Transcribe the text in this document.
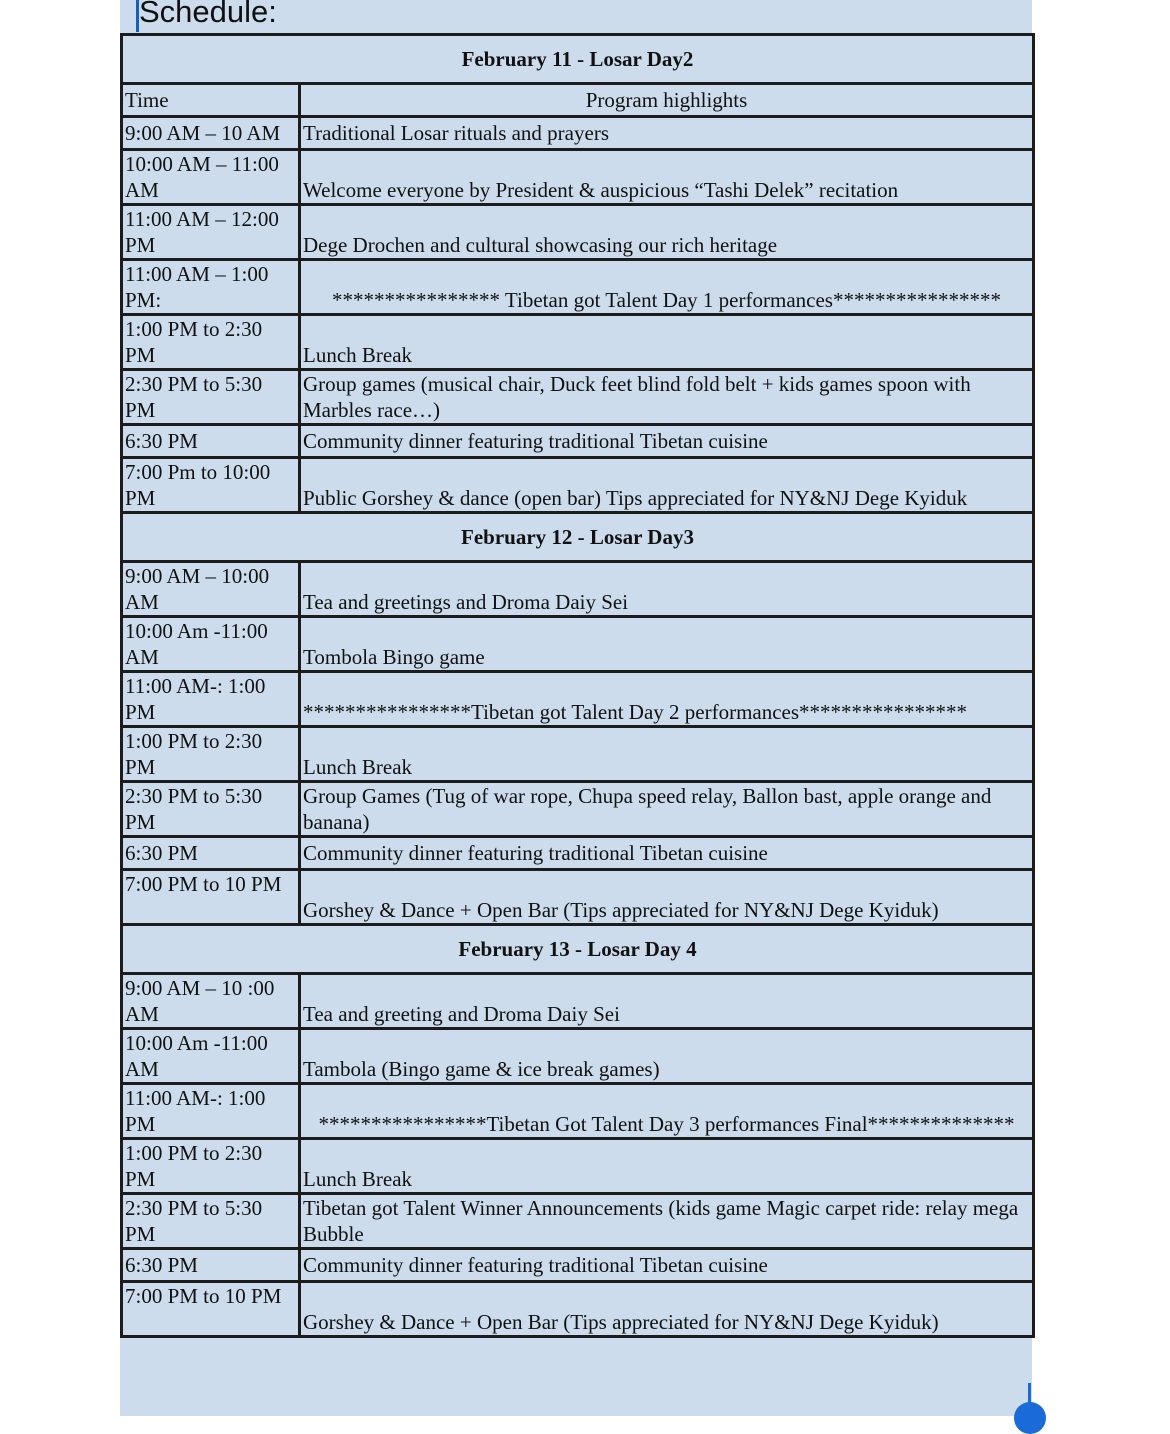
Schedule:
February 11 - Losar Day2	
Time	Program highlights
9:00 AM – 10 AM	Traditional Losar rituals and prayers
10:00 AM – 11:00 AM	Welcome everyone by President & auspicious “Tashi Delek” recitation
11:00 AM – 12:00 PM	Dege Drochen and cultural showcasing our rich heritage
11:00 AM – 1:00 PM:	**************** Tibetan got Talent Day 1 performances****************
1:00 PM to 2:30 PM	Lunch Break
2:30 PM to 5:30 PM	Group games (musical chair, Duck feet blind fold belt + kids games spoon with Marbles race…)
6:30 PM	Community dinner featuring traditional Tibetan cuisine
7:00 Pm to 10:00 PM	Public Gorshey & dance (open bar) Tips appreciated for NY&NJ Dege Kyiduk
February 12 - Losar Day3	
9:00 AM – 10:00 AM	Tea and greetings and Droma Daiy Sei
10:00 Am -11:00 AM	Tombola Bingo game
11:00 AM-: 1:00 PM	****************Tibetan got Talent Day 2 performances****************
1:00 PM to 2:30 PM	Lunch Break
2:30 PM to 5:30 PM	Group Games (Tug of war rope, Chupa speed relay, Ballon bast, apple orange and banana)
6:30 PM	Community dinner featuring traditional Tibetan cuisine
7:00 PM to 10 PM	Gorshey & Dance + Open Bar (Tips appreciated for NY&NJ Dege Kyiduk)
February 13 - Losar Day 4	
9:00 AM – 10 :00 AM	Tea and greeting and Droma Daiy Sei
10:00 Am -11:00 AM	Tambola (Bingo game & ice break games)
11:00 AM-: 1:00 PM	****************Tibetan Got Talent Day 3 performances Final**************
1:00 PM to 2:30 PM	Lunch Break
2:30 PM to 5:30 PM	Tibetan got Talent Winner Announcements (kids game Magic carpet ride: relay mega Bubble
6:30 PM	Community dinner featuring traditional Tibetan cuisine
7:00 PM to 10 PM	Gorshey & Dance + Open Bar (Tips appreciated for NY&NJ Dege Kyiduk)
